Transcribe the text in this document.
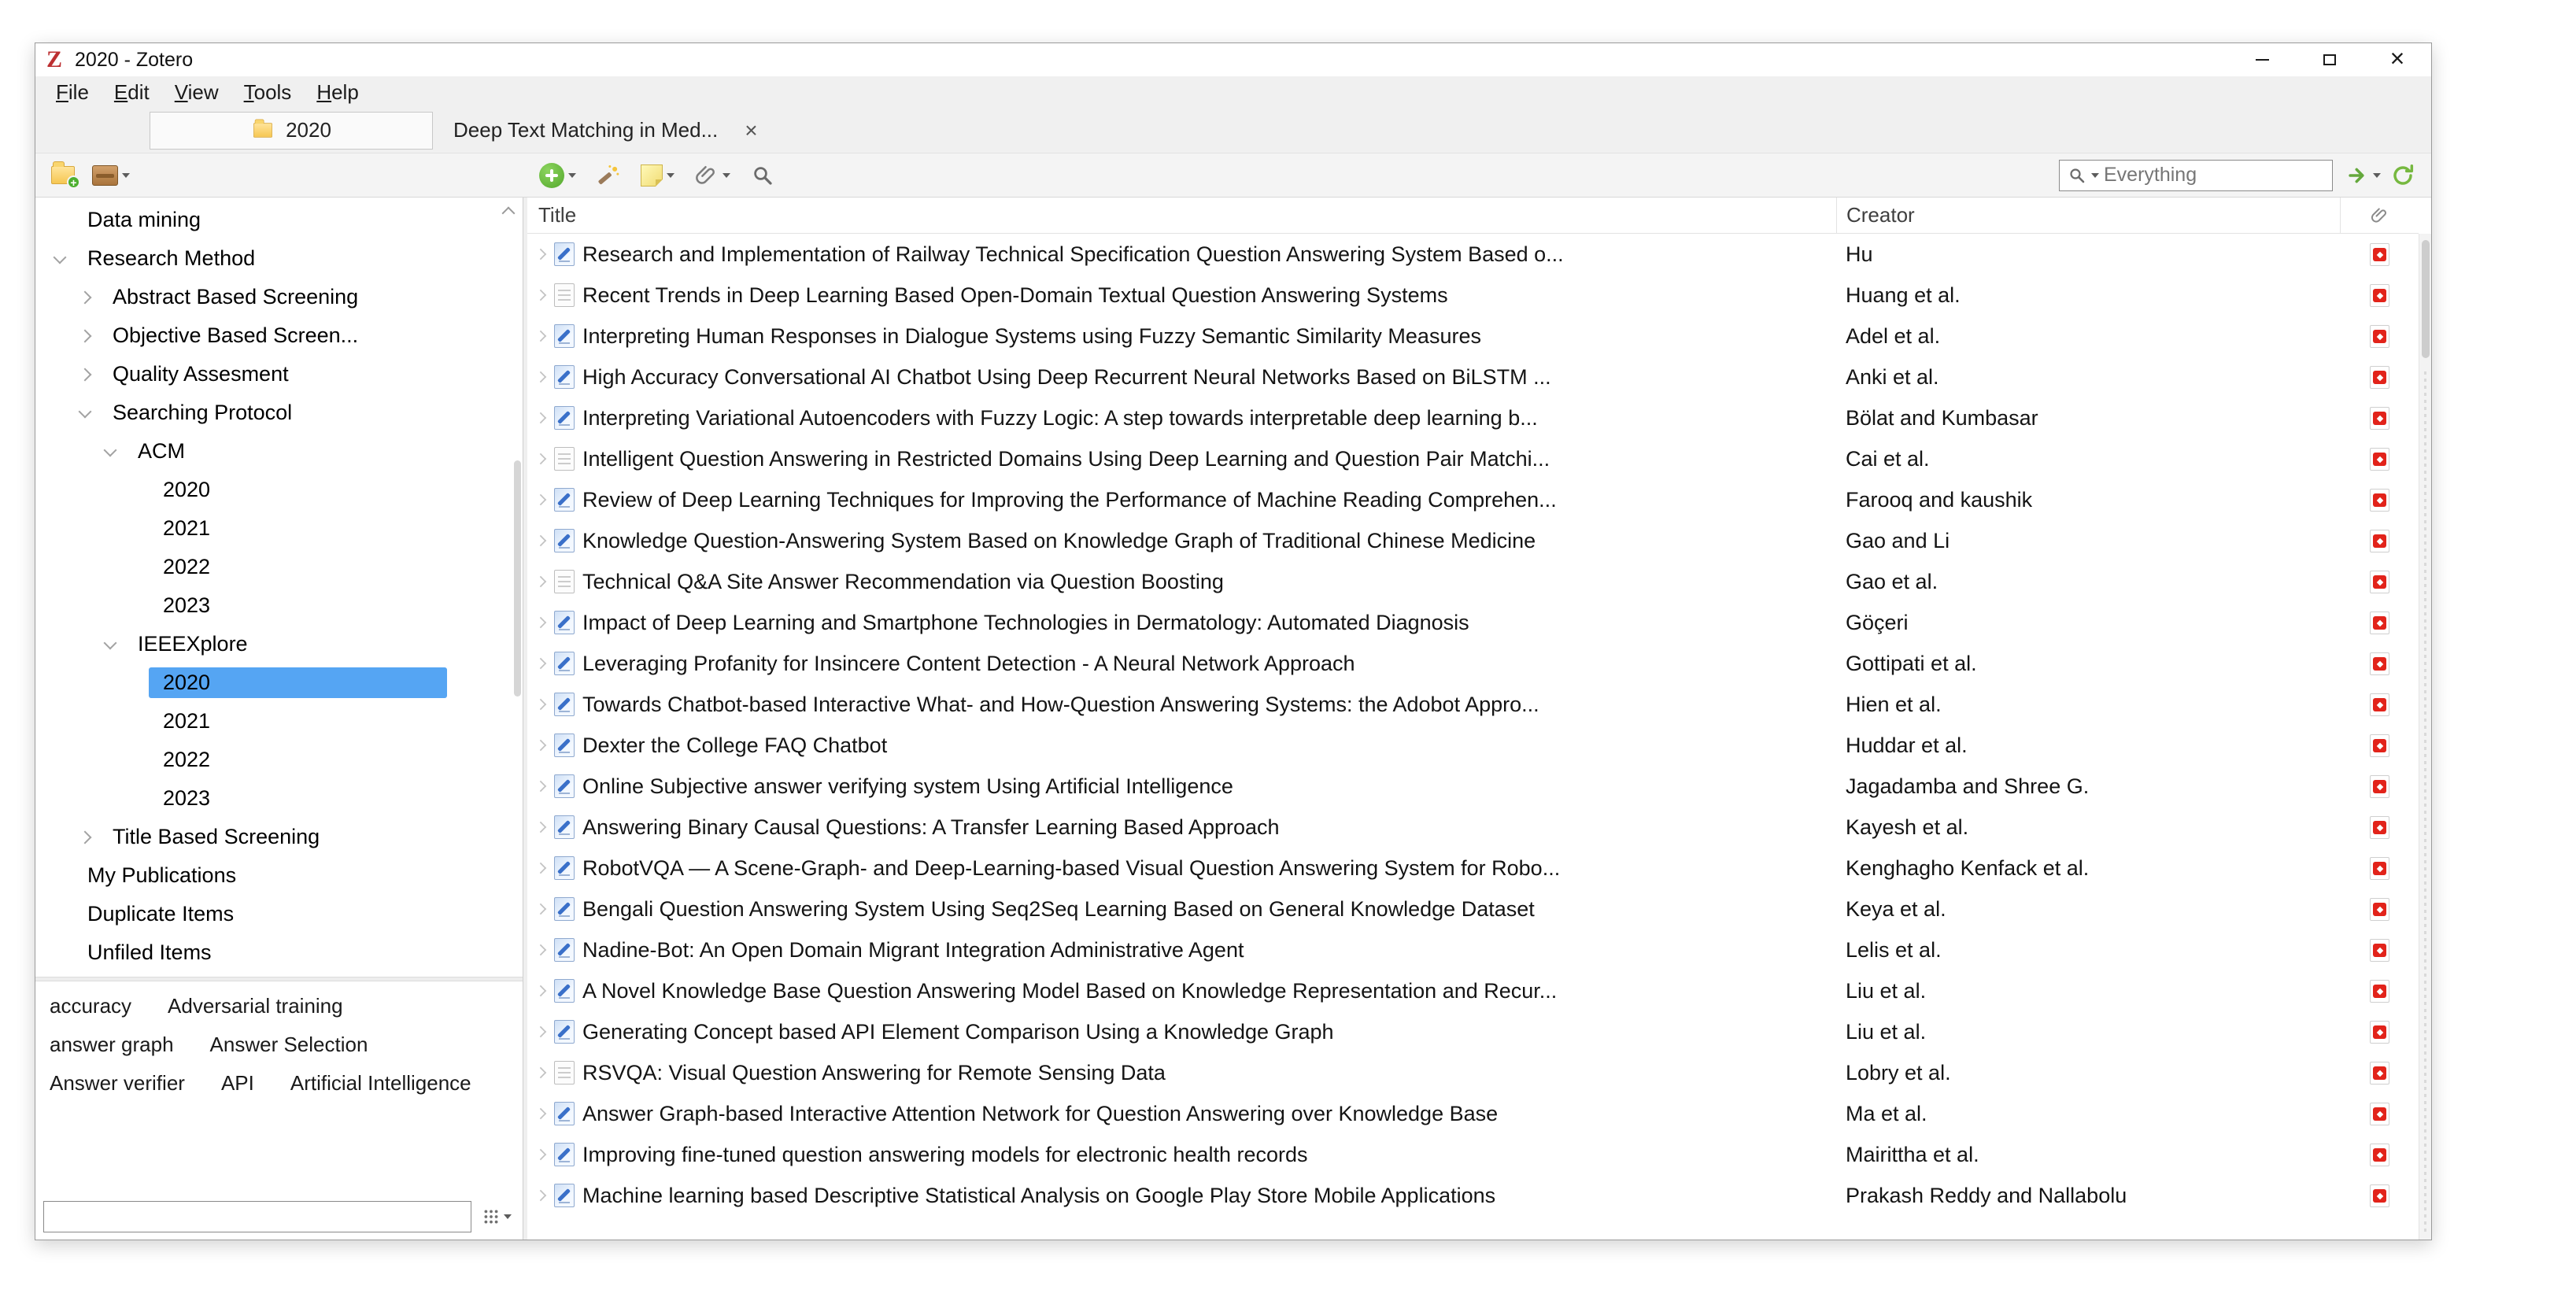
Z 2020 - Zotero	×
File	Edit	View	Tools	Help
2020	Deep Text Matching in Med... ×
+
Everything
Data mining
Research Method
Abstract Based Screening
Objective Based Screen...
Quality Assesment
Searching Protocol
ACM
2020
2021
2022
2023
IEEEXplore
2020
2021
2022
2023
Title Based Screening
My Publications
Duplicate Items
Unfiled Items
accuracy Adversarial training
answer graph Answer Selection
Answer verifier API Artificial Intelligence
Title	Creator
Research and Implementation of Railway Technical Specification Question Answering System Based o...	Hu
Recent Trends in Deep Learning Based Open-Domain Textual Question Answering Systems	Huang et al.
Interpreting Human Responses in Dialogue Systems using Fuzzy Semantic Similarity Measures	Adel et al.
High Accuracy Conversational AI Chatbot Using Deep Recurrent Neural Networks Based on BiLSTM ...	Anki et al.
Interpreting Variational Autoencoders with Fuzzy Logic: A step towards interpretable deep learning b...	Bölat and Kumbasar
Intelligent Question Answering in Restricted Domains Using Deep Learning and Question Pair Matchi...	Cai et al.
Review of Deep Learning Techniques for Improving the Performance of Machine Reading Comprehen...	Farooq and kaushik
Knowledge Question-Answering System Based on Knowledge Graph of Traditional Chinese Medicine	Gao and Li
Technical Q&A Site Answer Recommendation via Question Boosting	Gao et al.
Impact of Deep Learning and Smartphone Technologies in Dermatology: Automated Diagnosis	Göçeri
Leveraging Profanity for Insincere Content Detection - A Neural Network Approach	Gottipati et al.
Towards Chatbot-based Interactive What- and How-Question Answering Systems: the Adobot Appro...	Hien et al.
Dexter the College FAQ Chatbot	Huddar et al.
Online Subjective answer verifying system Using Artificial Intelligence	Jagadamba and Shree G.
Answering Binary Causal Questions: A Transfer Learning Based Approach	Kayesh et al.
RobotVQA — A Scene-Graph- and Deep-Learning-based Visual Question Answering System for Robo...	Kenghagho Kenfack et al.
Bengali Question Answering System Using Seq2Seq Learning Based on General Knowledge Dataset	Keya et al.
Nadine-Bot: An Open Domain Migrant Integration Administrative Agent	Lelis et al.
A Novel Knowledge Base Question Answering Model Based on Knowledge Representation and Recur...	Liu et al.
Generating Concept based API Element Comparison Using a Knowledge Graph	Liu et al.
RSVQA: Visual Question Answering for Remote Sensing Data	Lobry et al.
Answer Graph-based Interactive Attention Network for Question Answering over Knowledge Base	Ma et al.
Improving fine-tuned question answering models for electronic health records	Mairittha et al.
Machine learning based Descriptive Statistical Analysis on Google Play Store Mobile Applications	Prakash Reddy and Nallabolu
